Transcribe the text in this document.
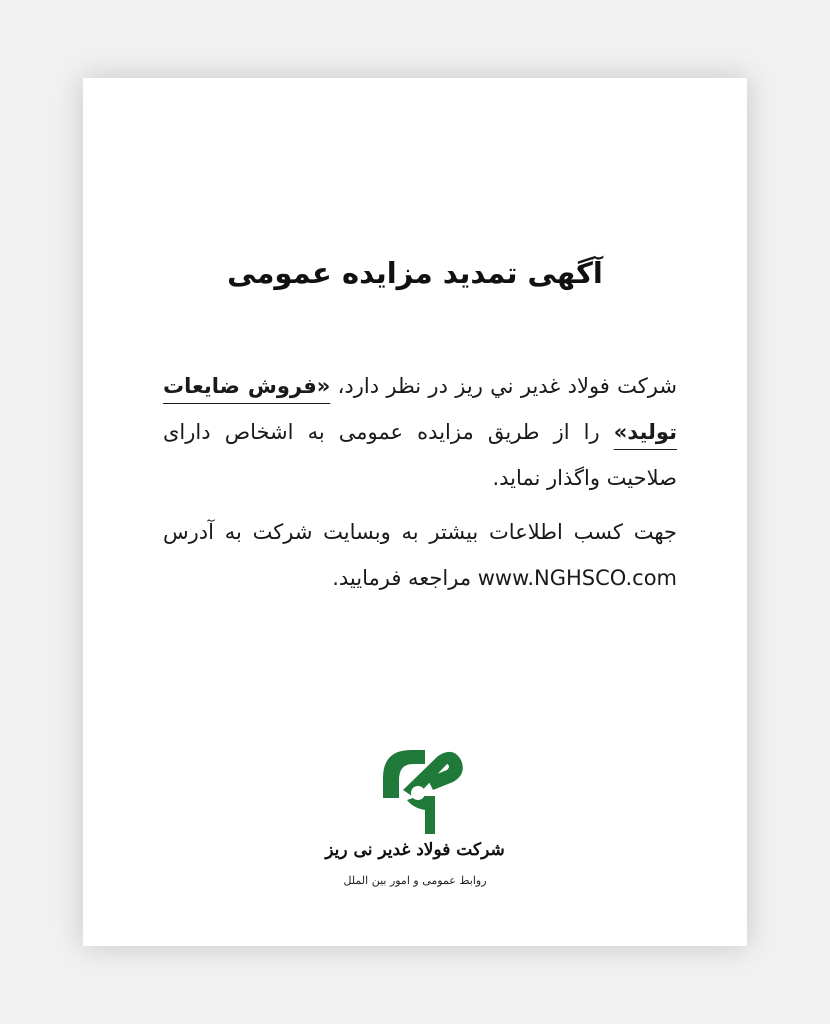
آگهی تمدید مزایده عمومی

شرکت فولاد غدیر ني ریز در نظر دارد، «فروش ضایعات تولید» را از طریق مزایده عمومی به اشخاص دارای صلاحیت واگذار نماید.

جهت کسب اطلاعات بیشتر به وبسایت شرکت به آدرس www.NGHSCO.com مراجعه فرمایید.

شرکت فولاد غدیر نی ریز
روابط عمومی و امور بین الملل
